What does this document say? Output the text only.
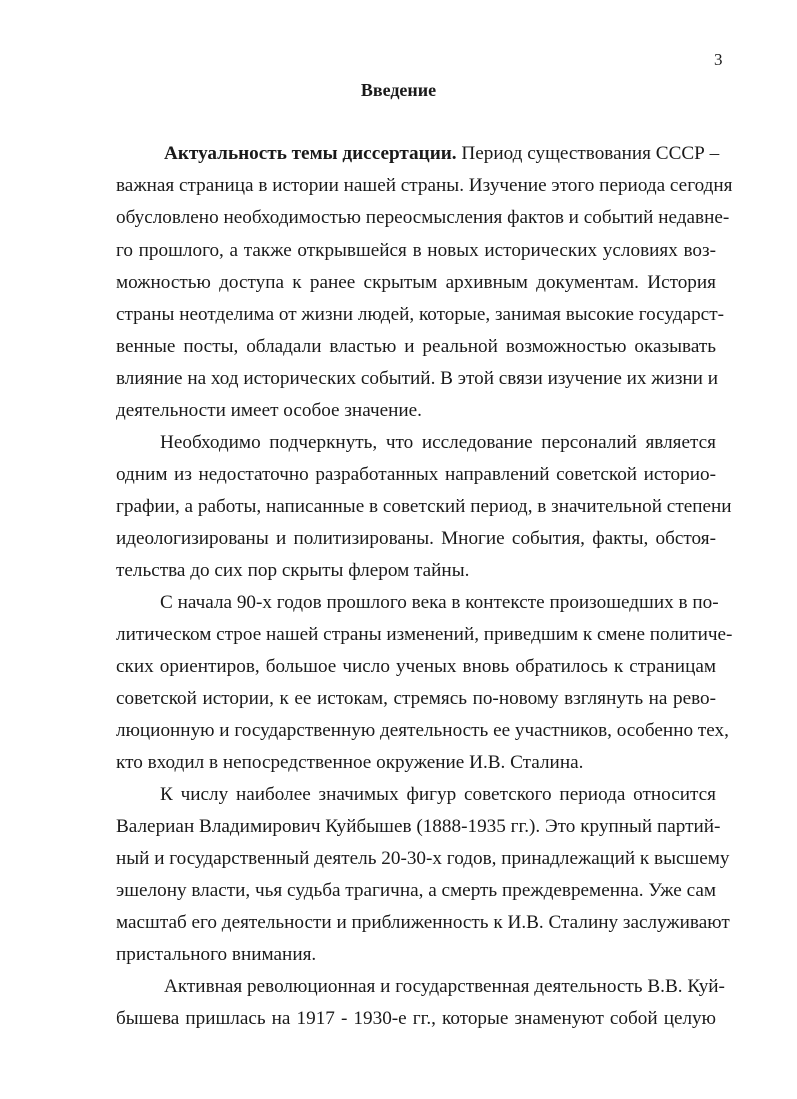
3
Введение
Актуальность темы диссертации. Период существования СССР –
важная страница в истории нашей страны. Изучение этого периода сегодня
обусловлено необходимостью переосмысления фактов и событий недавне-
го прошлого, а также открывшейся в новых исторических условиях воз-
можностью доступа к ранее скрытым архивным документам. История
страны неотделима от жизни людей, которые, занимая высокие государст-
венные посты, обладали властью и реальной возможностью оказывать
влияние на ход исторических событий. В этой связи изучение их жизни и
деятельности имеет особое значение.
Необходимо подчеркнуть, что исследование персоналий является
одним из недостаточно разработанных направлений советской историо-
графии, а работы, написанные в советский период, в значительной степени
идеологизированы и политизированы. Многие события, факты, обстоя-
тельства до сих пор скрыты флером тайны.
С начала 90-х годов прошлого века в контексте произошедших в по-
литическом строе нашей страны изменений, приведшим к смене политиче-
ских ориентиров, большое число ученых вновь обратилось к страницам
советской истории, к ее истокам, стремясь по-новому взглянуть на рево-
люционную и государственную деятельность ее участников, особенно тех,
кто входил в непосредственное окружение И.В. Сталина.
К числу наиболее значимых фигур советского периода относится
Валериан Владимирович Куйбышев (1888-1935 гг.). Это крупный партий-
ный и государственный деятель 20-30-х годов, принадлежащий к высшему
эшелону власти, чья судьба трагична, а смерть преждевременна. Уже сам
масштаб его деятельности и приближенность к И.В. Сталину заслуживают
пристального внимания.
Активная революционная и государственная деятельность В.В. Куй-
бышева пришлась на 1917 - 1930-е гг., которые знаменуют собой целую
